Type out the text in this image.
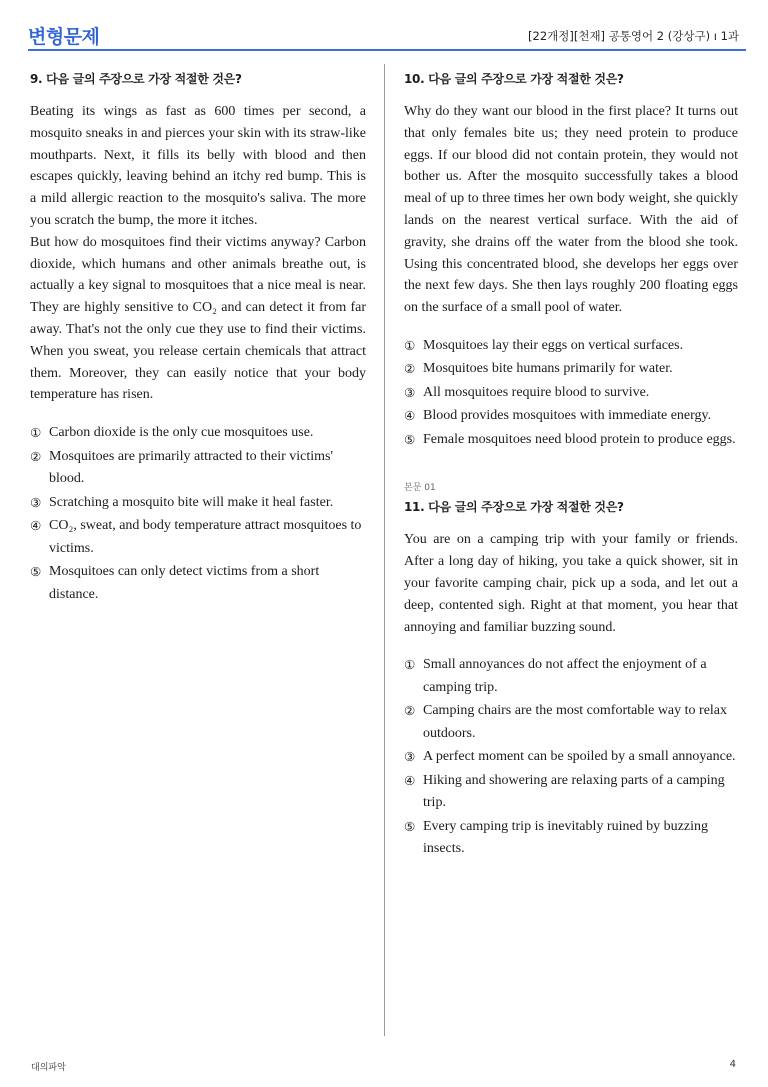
변형문제	[22개정][천재] 공통영어 2 (강상구) ı 1과
9. 다음 글의 주장으로 가장 적절한 것은?

Beating its wings as fast as 600 times per second, a mosquito sneaks in and pierces your skin with its straw-like mouthparts. Next, it fills its belly with blood and then escapes quickly, leaving behind an itchy red bump. This is a mild allergic reaction to the mosquito's saliva. The more you scratch the bump, the more it itches.

But how do mosquitoes find their victims anyway? Carbon dioxide, which humans and other animals breathe out, is actually a key signal to mosquitoes that a nice meal is near. They are highly sensitive to CO₂ and can detect it from far away. That's not the only cue they use to find their victims. When you sweat, you release certain chemicals that attract them. Moreover, they can easily notice that your body temperature has risen.

① Carbon dioxide is the only cue mosquitoes use.
② Mosquitoes are primarily attracted to their victims' blood.
③ Scratching a mosquito bite will make it heal faster.
④ CO₂, sweat, and body temperature attract mosquitoes to victims.
⑤ Mosquitoes can only detect victims from a short distance.
10. 다음 글의 주장으로 가장 적절한 것은?

Why do they want our blood in the first place? It turns out that only females bite us; they need protein to produce eggs. If our blood did not contain protein, they would not bother us. After the mosquito successfully takes a blood meal of up to three times her own body weight, she quickly lands on the nearest vertical surface. With the aid of gravity, she drains off the water from the blood she took. Using this concentrated blood, she develops her eggs over the next few days. She then lays roughly 200 floating eggs on the surface of a small pool of water.

① Mosquitoes lay their eggs on vertical surfaces.
② Mosquitoes bite humans primarily for water.
③ All mosquitoes require blood to survive.
④ Blood provides mosquitoes with immediate energy.
⑤ Female mosquitoes need blood protein to produce eggs.
본문 01
11. 다음 글의 주장으로 가장 적절한 것은?

You are on a camping trip with your family or friends. After a long day of hiking, you take a quick shower, sit in your favorite camping chair, pick up a soda, and let out a deep, contented sigh. Right at that moment, you hear that annoying and familiar buzzing sound.

① Small annoyances do not affect the enjoyment of a camping trip.
② Camping chairs are the most comfortable way to relax outdoors.
③ A perfect moment can be spoiled by a small annoyance.
④ Hiking and showering are relaxing parts of a camping trip.
⑤ Every camping trip is inevitably ruined by buzzing insects.
대의파악	4
